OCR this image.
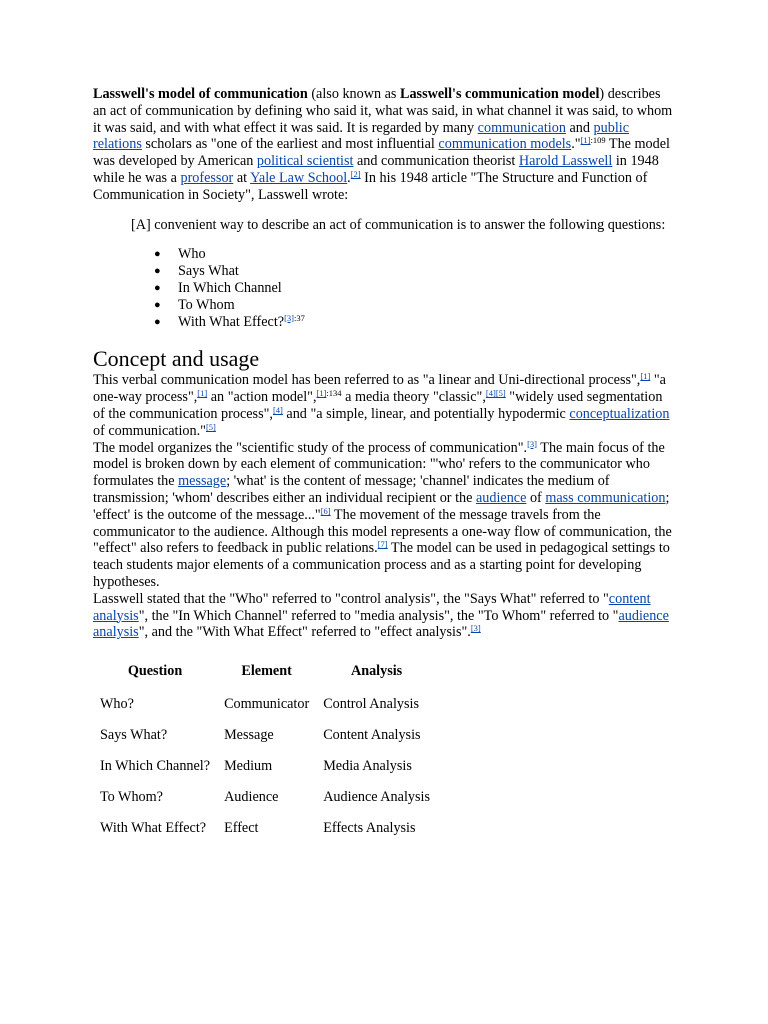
Lasswell's model of communication (also known as Lasswell's communication model) describes an act of communication by defining who said it, what was said, in what channel it was said, to whom it was said, and with what effect it was said. It is regarded by many communication and public relations scholars as "one of the earliest and most influential communication models."$^{[1]:109}$ The model was developed by American political scientist and communication theorist Harold Lasswell in 1948 while he was a professor at Yale Law School.[2] In his 1948 article "The Structure and Function of Communication in Society", Lasswell wrote:

[A] convenient way to describe an act of communication is to answer the following questions:

● Who
● Says What
● In Which Channel
● To Whom
● With What Effect?$^{[3]:37}$
Concept and usage

This verbal communication model has been referred to as "a linear and Uni-directional process",[1] "a one-way process",[1] an "action model",$^{[1]:134}$ a media theory "classic",[4][5] "widely used segmentation of the communication process",[4] and "a simple, linear, and potentially hypodermic conceptualization of communication."[5]

The model organizes the "scientific study of the process of communication".[3] The main focus of the model is broken down by each element of communication: "'who' refers to the communicator who formulates the message; 'what' is the content of message; 'channel' indicates the medium of transmission; 'whom' describes either an individual recipient or the audience of mass communication; 'effect' is the outcome of the message..."[6] The movement of the message travels from the communicator to the audience. Although this model represents a one-way flow of communication, the "effect" also refers to feedback in public relations.[7] The model can be used in pedagogical settings to teach students major elements of a communication process and as a starting point for developing hypotheses.

Lasswell stated that the "Who" referred to "control analysis", the "Says What" referred to "content analysis", the "In Which Channel" referred to "media analysis", the "To Whom" referred to "audience analysis", and the "With What Effect" referred to "effect analysis".[3]

Question	Element	Analysis
Who?	Communicator	Control Analysis
Says What?	Message	Content Analysis
In Which Channel?	Medium	Media Analysis
To Whom?	Audience	Audience Analysis
With What Effect?	Effect	Effects Analysis
